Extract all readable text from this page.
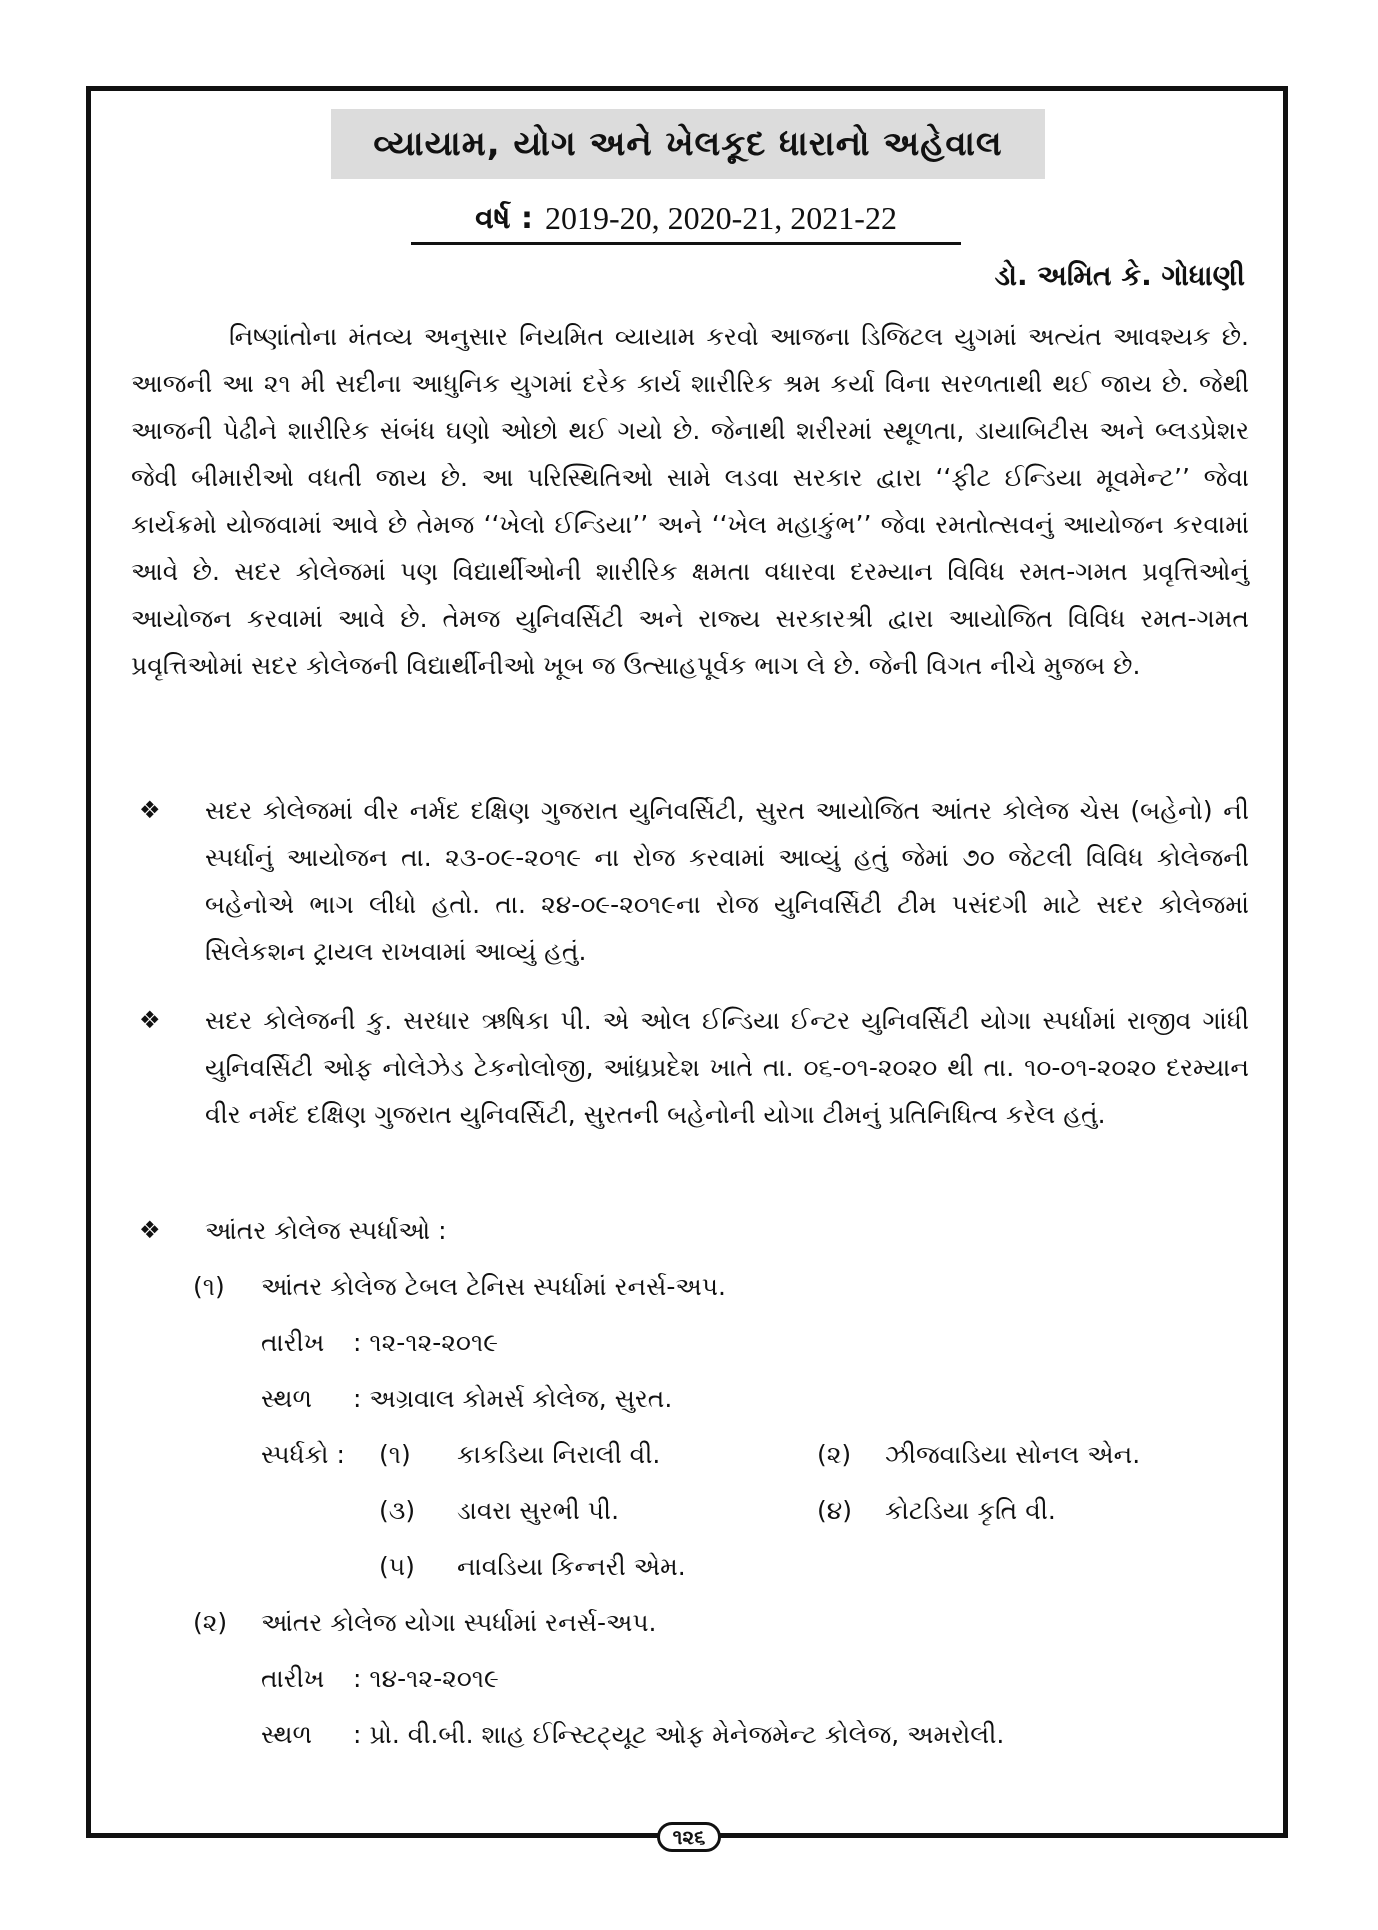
વ્યાયામ, યોગ અને ખેલકૂદ ધારાનો અહેવાલ
વર્ષ : 2019-20, 2020-21, 2021-22
ડો. અમિત કે. ગોધાણી

નિષ્ણાંતોના મંતવ્ય અનુસાર નિયમિત વ્યાયામ કરવો આજના ડિજિટલ યુગમાં અત્યંત આવશ્યક છે. આજની આ ૨૧ મી સદીના આધુનિક યુગમાં દરેક કાર્ય શારીરિક શ્રમ કર્યા વિના સરળતાથી થઈ જાય છે. જેથી આજની પેઢીને શારીરિક સંબંધ ઘણો ઓછો થઈ ગયો છે. જેનાથી શરીરમાં સ્થૂળતા, ડાયાબિટીસ અને બ્લડપ્રેશર જેવી બીમારીઓ વધતી જાય છે. આ પરિસ્થિતિઓ સામે લડવા સરકાર દ્વારા ‘‘ફીટ ઈન્ડિયા મૂવમેન્ટ’’ જેવા કાર્યક્રમો યોજવામાં આવે છે તેમજ ‘‘ખેલો ઈન્ડિયા’’ અને ‘‘ખેલ મહાકુંભ’’ જેવા રમતોત્સવનું આયોજન કરવામાં આવે છે. સદર કોલેજમાં પણ વિદ્યાર્થીઓની શારીરિક ક્ષમતા વધારવા દરમ્યાન વિવિધ રમત-ગમત પ્રવૃત્તિઓનું આયોજન કરવામાં આવે છે. તેમજ યુનિવર્સિટી અને રાજ્ય સરકારશ્રી દ્વારા આયોજિત વિવિધ રમત-ગમત પ્રવૃત્તિઓમાં સદર કોલેજની વિદ્યાર્થીનીઓ ખૂબ જ ઉત્સાહપૂર્વક ભાગ લે છે. જેની વિગત નીચે મુજબ છે.

❖ સદર કોલેજમાં વીર નર્મદ દક્ષિણ ગુજરાત યુનિવર્સિટી, સુરત આયોજિત આંતર કોલેજ ચેસ (બહેનો) ની સ્પર્ધાનું આયોજન તા. ૨૩-૦૯-૨૦૧૯ ના રોજ કરવામાં આવ્યું હતું જેમાં ૭૦ જેટલી વિવિધ કોલેજની બહેનોએ ભાગ લીધો હતો. તા. ૨૪-૦૯-૨૦૧૯ના રોજ યુનિવર્સિટી ટીમ પસંદગી માટે સદર કોલેજમાં સિલેકશન ટ્રાયલ રાખવામાં આવ્યું હતું.
❖ સદર કોલેજની કુ. સરધાર ઋષિકા પી. એ ઓલ ઈન્ડિયા ઈન્ટર યુનિવર્સિટી યોગા સ્પર્ધામાં રાજીવ ગાંધી યુનિવર્સિટી ઓફ નોલેઝેડ ટેકનોલોજી, આંધ્રપ્રદેશ ખાતે તા. ૦૬-૦૧-૨૦૨૦ થી તા. ૧૦-૦૧-૨૦૨૦ દરમ્યાન વીર નર્મદ દક્ષિણ ગુજરાત યુનિવર્સિટી, સુરતની બહેનોની યોગા ટીમનું પ્રતિનિધિત્વ કરેલ હતું.
❖ આંતર કોલેજ સ્પર્ધાઓ :
(૧) આંતર કોલેજ ટેબલ ટેનિસ સ્પર્ધામાં રનર્સ-અપ.
તારીખ : ૧૨-૧૨-૨૦૧૯
સ્થળ : અગ્રવાલ કોમર્સ કોલેજ, સુરત.
સ્પર્ધકો : (૧) કાકડિયા નિરાલી વી.	(૨) ઝીજવાડિયા સોનલ એન.
(૩) ડાવરા સુરભી પી.	(૪) કોટડિયા કૃતિ વી.
(૫) નાવડિયા કિન્નરી એમ.
(૨) આંતર કોલેજ યોગા સ્પર્ધામાં રનર્સ-અપ.
તારીખ : ૧૪-૧૨-૨૦૧૯
સ્થળ : પ્રો. વી.બી. શાહ ઈન્સ્ટિટ્યૂટ ઓફ મેનેજમેન્ટ કોલેજ, અમરોલી.
૧૨૬
